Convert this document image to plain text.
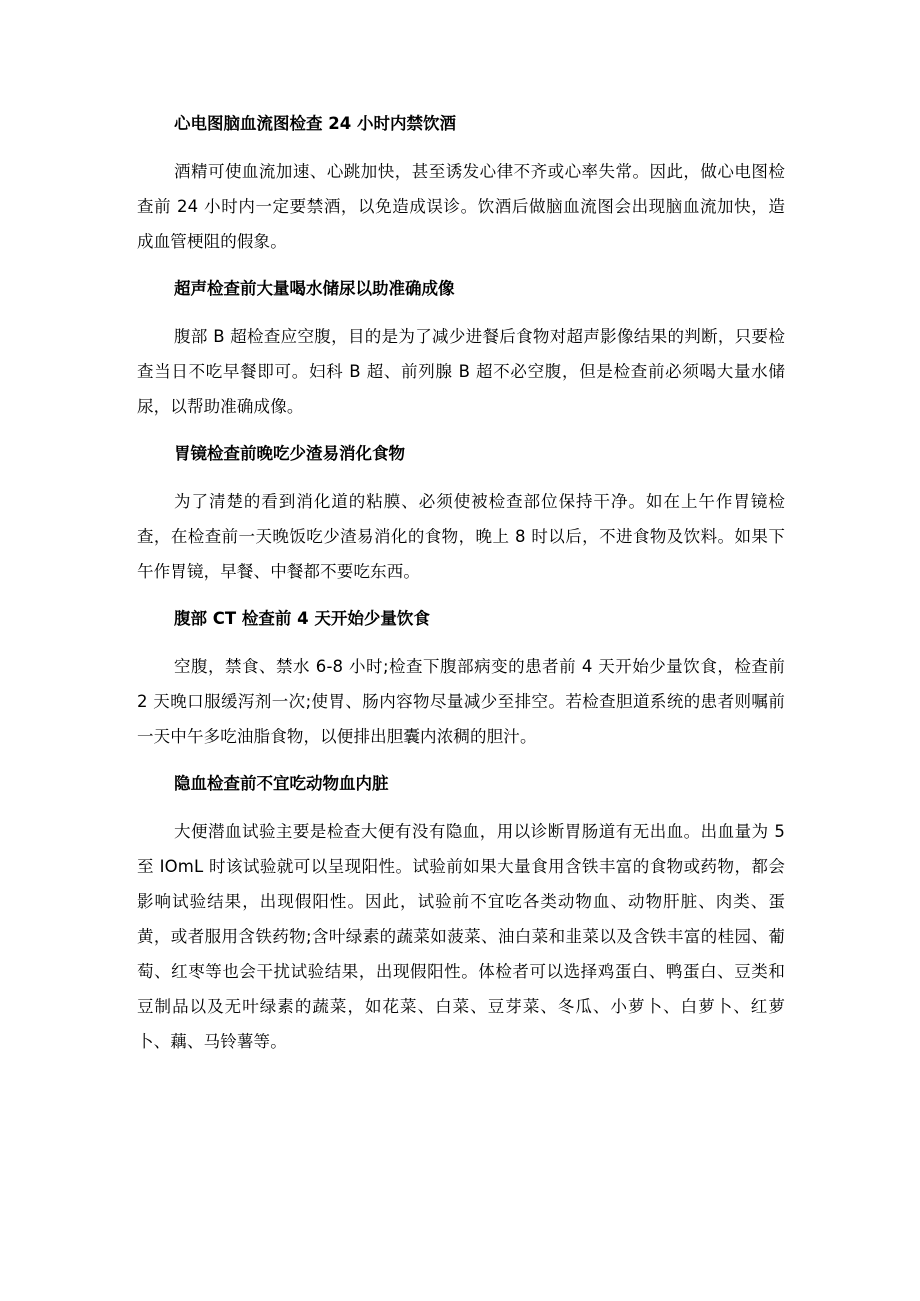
心电图脑血流图检查 24 小时内禁饮酒

酒精可使血流加速、心跳加快，甚至诱发心律不齐或心率失常。因此，做心电图检查前 24 小时内一定要禁酒，以免造成误诊。饮酒后做脑血流图会出现脑血流加快，造成血管梗阻的假象。

超声检查前大量喝水储尿以助准确成像

腹部 B 超检查应空腹，目的是为了减少进餐后食物对超声影像结果的判断，只要检查当日不吃早餐即可。妇科 B 超、前列腺 B 超不必空腹，但是检查前必须喝大量水储尿，以帮助准确成像。

胃镜检查前晚吃少渣易消化食物

为了清楚的看到消化道的粘膜、必须使被检查部位保持干净。如在上午作胃镜检查，在检查前一天晚饭吃少渣易消化的食物，晚上 8 时以后，不进食物及饮料。如果下午作胃镜，早餐、中餐都不要吃东西。

腹部 CT 检查前 4 天开始少量饮食

空腹，禁食、禁水 6-8 小时;检查下腹部病变的患者前 4 天开始少量饮食，检查前 2 天晚口服缓泻剂一次;使胃、肠内容物尽量减少至排空。若检查胆道系统的患者则嘱前一天中午多吃油脂食物，以便排出胆囊内浓稠的胆汁。

隐血检查前不宜吃动物血内脏

大便潜血试验主要是检查大便有没有隐血，用以诊断胃肠道有无出血。出血量为 5 至 IOmL 时该试验就可以呈现阳性。试验前如果大量食用含铁丰富的食物或药物，都会影响试验结果，出现假阳性。因此，试验前不宜吃各类动物血、动物肝脏、肉类、蛋黄，或者服用含铁药物;含叶绿素的蔬菜如菠菜、油白菜和韭菜以及含铁丰富的桂园、葡萄、红枣等也会干扰试验结果，出现假阳性。体检者可以选择鸡蛋白、鸭蛋白、豆类和豆制品以及无叶绿素的蔬菜，如花菜、白菜、豆芽菜、冬瓜、小萝卜、白萝卜、红萝卜、藕、马铃薯等。
